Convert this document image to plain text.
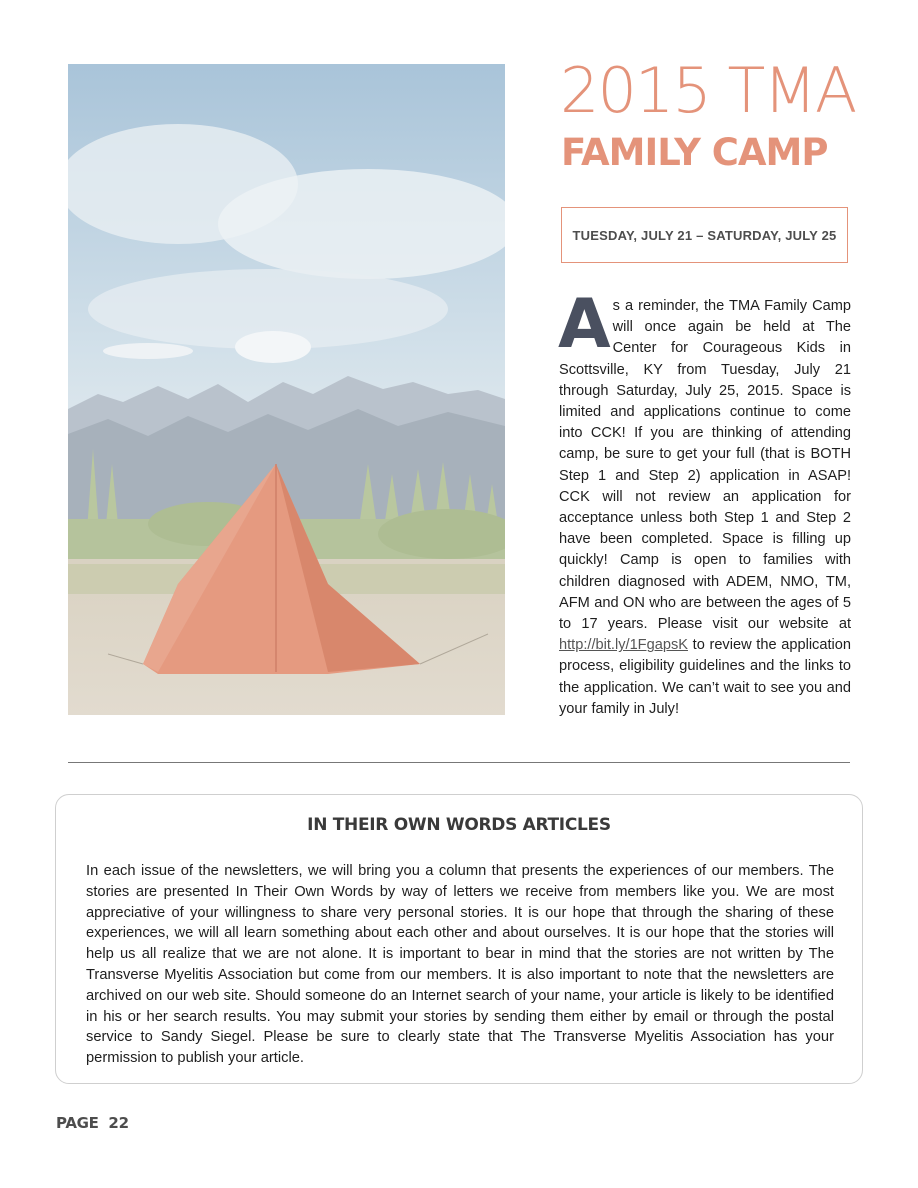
2015 TMA
FAMILY CAMP
TUESDAY, JULY 21 – SATURDAY, JULY 25
As a reminder, the TMA Family Camp will once again be held at The Center for Courageous Kids in Scottsville, KY from Tuesday, July 21 through Saturday, July 25, 2015. Space is limited and applications continue to come into CCK! If you are thinking of attending camp, be sure to get your full (that is BOTH Step 1 and Step 2) application in ASAP! CCK will not review an application for acceptance unless both Step 1 and Step 2 have been completed. Space is filling up quickly! Camp is open to families with children diagnosed with ADEM, NMO, TM, AFM and ON who are between the ages of 5 to 17 years. Please visit our website at http://bit.ly/1FgapsK to review the application process, eligibility guidelines and the links to the application. We can’t wait to see you and your family in July!
IN THEIR OWN WORDS ARTICLES
In each issue of the newsletters, we will bring you a column that presents the experiences of our members. The stories are presented In Their Own Words by way of letters we receive from members like you. We are most appreciative of your willingness to share very personal stories. It is our hope that through the sharing of these experiences, we will all learn something about each other and about ourselves. It is our hope that the stories will help us all realize that we are not alone. It is important to bear in mind that the stories are not written by The Transverse Myelitis Association but come from our members. It is also important to note that the newsletters are archived on our web site. Should someone do an Internet search of your name, your article is likely to be identified in his or her search results. You may submit your stories by sending them either by email or through the postal service to Sandy Siegel. Please be sure to clearly state that The Transverse Myelitis Association has your permission to publish your article.
PAGE  22
